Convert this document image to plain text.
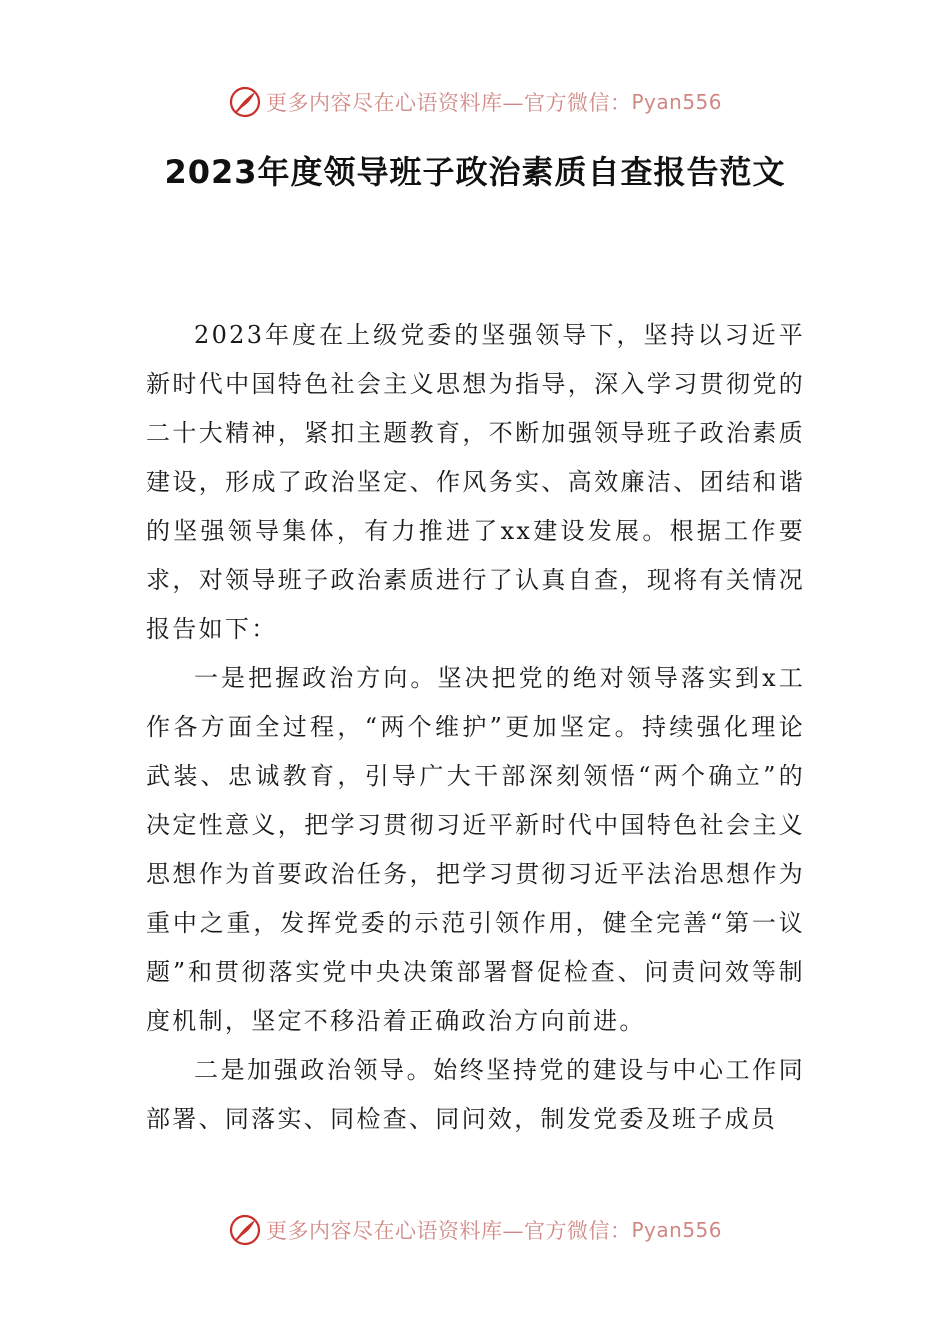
更多内容尽在心语资料库—官方微信： Pyan556
2023年度领导班子政治素质自查报告范文

2023年度在上级党委的坚强领导下，坚持以习近平新时代中国特色社会主义思想为指导，深入学习贯彻党的二十大精神，紧扣主题教育，不断加强领导班子政治素质建设，形成了政治坚定、作风务实、高效廉洁、团结和谐的坚强领导集体，有力推进了xx建设发展。根据工作要求，对领导班子政治素质进行了认真自查，现将有关情况报告如下：

一是把握政治方向。坚决把党的绝对领导落实到x工作各方面全过程，“两个维护”更加坚定。持续强化理论武装、忠诚教育，引导广大干部深刻领悟“两个确立”的决定性意义，把学习贯彻习近平新时代中国特色社会主义思想作为首要政治任务，把学习贯彻习近平法治思想作为重中之重，发挥党委的示范引领作用，健全完善“第一议题”和贯彻落实党中央决策部署督促检查、问责问效等制度机制，坚定不移沿着正确政治方向前进。

二是加强政治领导。始终坚持党的建设与中心工作同部署、同落实、同检查、同问效，制发党委及班子成员

更多内容尽在心语资料库—官方微信： Pyan556
